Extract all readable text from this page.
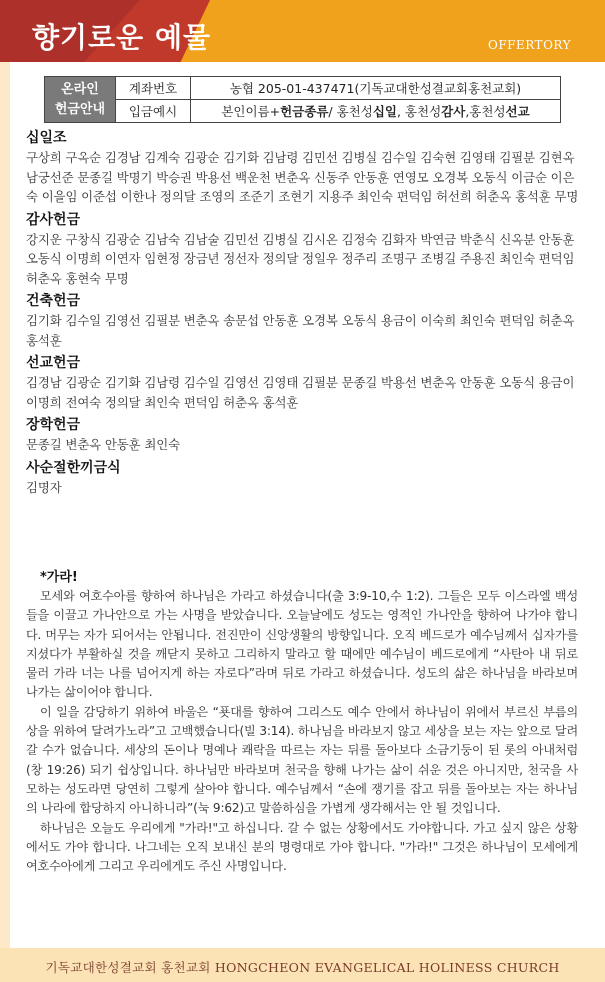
향기로운 예물	OFFERTORY
온라인
헌금안내	계좌번호	농협 205-01-437471(기독교대한성결교회홍천교회)
	입금예시	본인이름+헌금종류/ 홍천성십일, 홍천성감사,홍천성선교
십일조

구상희 구옥순 김경남 김계숙 김광순 김기화 김남령 김민선 김병실 김수일 김숙현 김영태 김필분 김현옥 남궁선준 문종길 박명기 박승권 박용선 백운천 변춘옥 신동주 안동훈 연영모 오경복 오동식 이금순 이은숙 이을임 이준섭 이한나 정의달 조영의 조준기 조현기 지용주 최인숙 편덕임 허선희 허춘옥 홍석훈 무명

감사헌금

강지운 구창식 김광순 김남숙 김남술 김민선 김병실 김시온 김정숙 김화자 박연금 박춘식 신옥분 안동훈 오동식 이명희 이연자 임현정 장금년 정선자 정의달 정일우 정주리 조명구 조병길 주용진 최인숙 편덕임 허춘옥 홍현숙 무명

건축헌금

김기화 김수일 김영선 김필분 변춘옥 송문섭 안동훈 오경복 오동식 용금이 이숙희 최인숙 편덕임 허춘옥 홍석훈

선교헌금

김경남 김광순 김기화 김남령 김수일 김영선 김영태 김필분 문종길 박용선 변춘옥 안동훈 오동식 용금이 이명희 전여숙 정의달 최인숙 편덕임 허춘옥 홍석훈

장학헌금

문종길 변춘옥 안동훈 최인숙

사순절한끼금식

김명자

*가라!

모세와 여호수아를 향하여 하나님은 가라고 하셨습니다(출 3:9-10,수 1:2). 그들은 모두 이스라엘 백성들을 이끌고 가나안으로 가는 사명을 받았습니다. 오늘날에도 성도는 영적인 가나안을 향하여 나가야 합니다. 머무는 자가 되어서는 안됩니다. 전진만이 신앙생활의 방향입니다. 오직 베드로가 예수님께서 십자가를 지셨다가 부활하실 것을 깨닫지 못하고 그리하지 말라고 할 때에만 예수님이 베드로에게 “사탄아 내 뒤로 물러 가라 너는 나를 넘어지게 하는 자로다”라며 뒤로 가라고 하셨습니다. 성도의 삶은 하나님을 바라보며 나가는 삶이어야 합니다.

이 일을 감당하기 위하여 바울은 “푯대를 향하여 그리스도 예수 안에서 하나님이 위에서 부르신 부름의 상을 위하여 달려가노라”고 고백했습니다(빌 3:14). 하나님을 바라보지 않고 세상을 보는 자는 앞으로 달려갈 수가 없습니다. 세상의 돈이나 명예나 쾌락을 따르는 자는 뒤를 돌아보다 소금기둥이 된 롯의 아내처럼(창 19:26) 되기 쉽상입니다. 하나님만 바라보며 천국을 향해 나가는 삶이 쉬운 것은 아니지만, 천국을 사모하는 성도라면 당연히 그렇게 살아야 합니다. 예수님께서 “손에 쟁기를 잡고 뒤를 돌아보는 자는 하나님의 나라에 합당하지 아니하니라”(눅 9:62)고 말씀하심을 가볍게 생각해서는 안 될 것입니다.

하나님은 오늘도 우리에게 "가라!"고 하십니다. 갈 수 없는 상황에서도 가야합니다. 가고 싶지 않은 상황에서도 가야 합니다. 나그네는 오직 보내신 분의 명령대로 가야 합니다. "가라!" 그것은 하나님이 모세에게 여호수아에게 그리고 우리에게도 주신 사명입니다.

기독교대한성결교회 홍천교회 HONGCHEON EVANGELICAL HOLINESS CHURCH
